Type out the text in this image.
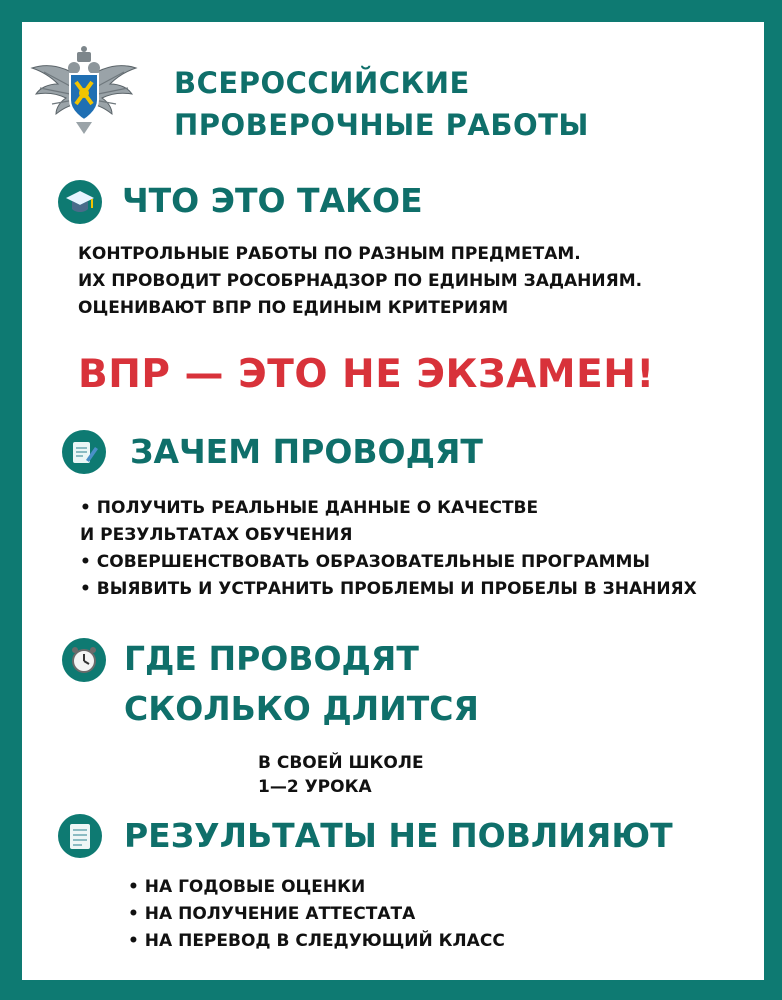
ВСЕРОССИЙСКИЕ
ПРОВЕРОЧНЫЕ РАБОТЫ
ЧТО ЭТО ТАКОЕ
КОНТРОЛЬНЫЕ РАБОТЫ ПО РАЗНЫМ ПРЕДМЕТАМ.
ИХ ПРОВОДИТ РОСОБРНАДЗОР ПО ЕДИНЫМ ЗАДАНИЯМ.
ОЦЕНИВАЮТ ВПР ПО ЕДИНЫМ КРИТЕРИЯМ
ВПР — ЭТО НЕ ЭКЗАМЕН!
ЗАЧЕМ ПРОВОДЯТ
• ПОЛУЧИТЬ РЕАЛЬНЫЕ ДАННЫЕ О КАЧЕСТВЕ
И РЕЗУЛЬТАТАХ ОБУЧЕНИЯ
• СОВЕРШЕНСТВОВАТЬ ОБРАЗОВАТЕЛЬНЫЕ ПРОГРАММЫ
• ВЫЯВИТЬ И УСТРАНИТЬ ПРОБЛЕМЫ И ПРОБЕЛЫ В ЗНАНИЯХ
ГДЕ ПРОВОДЯТ
СКОЛЬКО ДЛИТСЯ
В СВОЕЙ ШКОЛЕ
1—2 УРОКА
РЕЗУЛЬТАТЫ НЕ ПОВЛИЯЮТ
• НА ГОДОВЫЕ ОЦЕНКИ
• НА ПОЛУЧЕНИЕ АТТЕСТАТА
• НА ПЕРЕВОД В СЛЕДУЮЩИЙ КЛАСС
